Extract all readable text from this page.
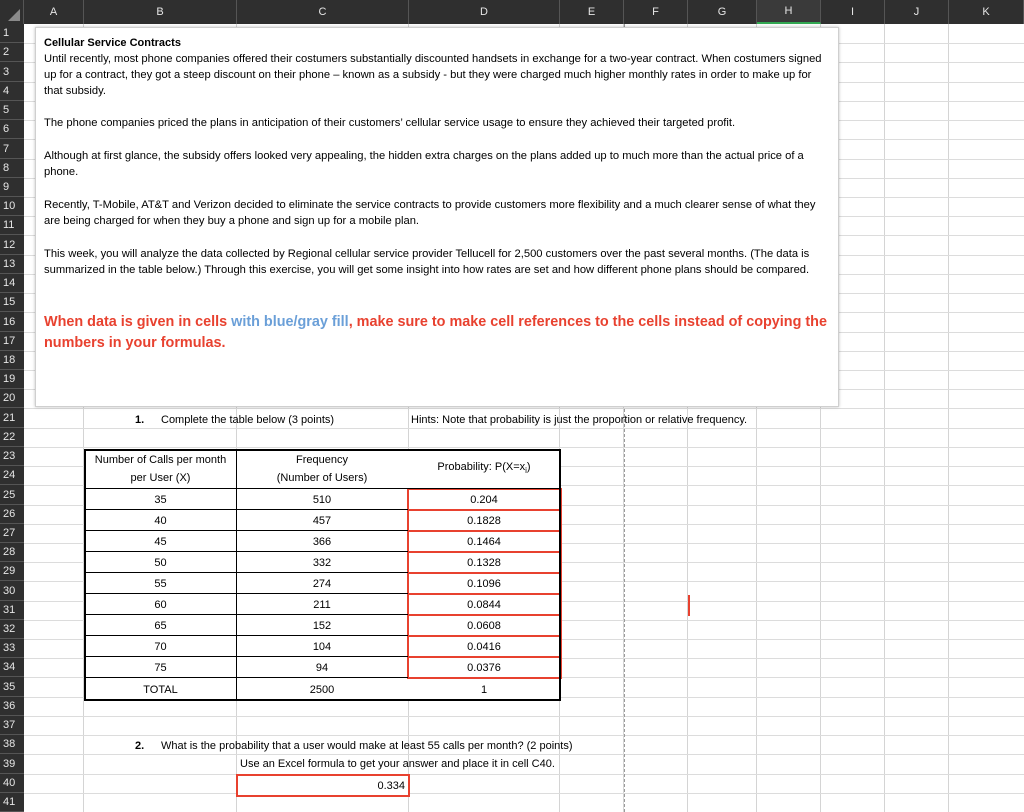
A	B	C	D	E	F	G	H	I	J	K
1
2
3
4
5
6
7
8
9
10
11
12
13
14
15
16
17
18
19
20
21
22
23
24
25
26
27
28
29
30
31
32
33
34
35
36
37
38
39
40
41
Cellular Service Contracts
Until recently, most phone companies offered their costumers substantially discounted handsets in exchange for a two-year contract. When costumers signed up for a contract, they got a steep discount on their phone – known as a subsidy - but they were charged much higher monthly rates in order to make up for that subsidy.
The phone companies priced the plans in anticipation of their customers’ cellular service usage to ensure they achieved their targeted profit.
Although at first glance, the subsidy offers looked very appealing, the hidden extra charges on the plans added up to much more than the actual price of a phone.
Recently, T-Mobile, AT&T and Verizon decided to eliminate the service contracts to provide customers more flexibility and a much clearer sense of what they are being charged for when they buy a phone and sign up for a mobile plan.
This week, you will analyze the data collected by Regional cellular service provider Tellucell for 2,500 customers over the past several months. (The data is summarized in the table below.) Through this exercise, you will get some insight into how rates are set and how different phone plans should be compared.
When data is given in cells with blue/gray fill, make sure to make cell references to the cells instead of copying the numbers in your formulas.
1. Complete the table below (3 points)	Hints: Note that probability is just the proportion or relative frequency.
Number of Calls per month
per User (X)
Frequency
(Number of Users)
Probability: $P(X=x_i)$
35	510	0.204
40	457	0.1828
45	366	0.1464
50	332	0.1328
55	274	0.1096
60	211	0.0844
65	152	0.0608
70	104	0.0416
75	94	0.0376
TOTAL	2500	1
2. What is the probability that a user would make at least 55 calls per month? (2 points)
Use an Excel formula to get your answer and place it in cell C40.
0.334
